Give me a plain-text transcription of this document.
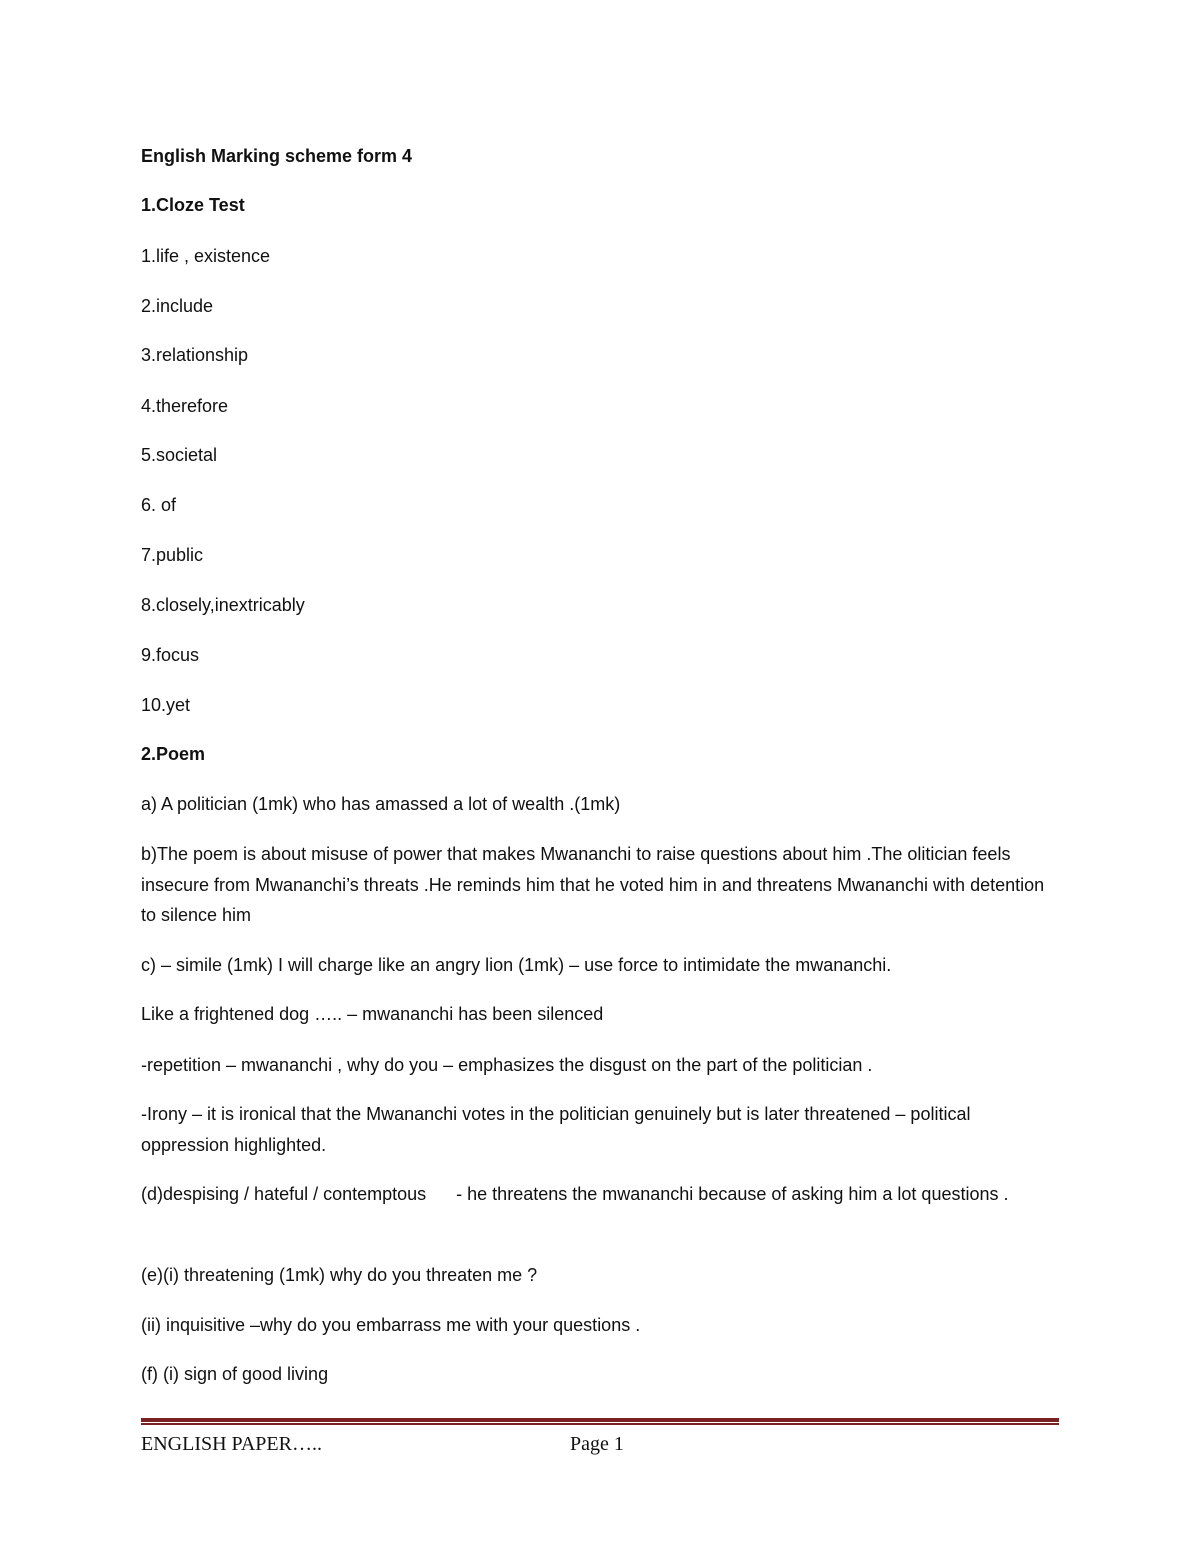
English Marking scheme form 4

1.Cloze Test

1.life , existence

2.include

3.relationship

4.therefore

5.societal

6. of

7.public

8.closely,inextricably

9.focus

10.yet

2.Poem

a) A politician (1mk) who has amassed a lot of wealth .(1mk)

b)The poem is about misuse of power that makes Mwananchi to raise questions about him .The olitician feels insecure from Mwananchi’s threats .He reminds him that he voted him in and threatens Mwananchi with detention to silence him

c) – simile (1mk) I will charge like an angry lion (1mk) – use force to intimidate the mwananchi.

Like a frightened dog ….. – mwananchi has been silenced

-repetition – mwananchi , why do you – emphasizes the disgust on the part of the politician .

-Irony – it is ironical that the Mwananchi votes in the politician genuinely but is later threatened – political oppression highlighted.

(d)despising / hateful / contemptous      - he threatens the mwananchi because of asking him a lot questions .

(e)(i) threatening (1mk) why do you threaten me ?

(ii) inquisitive –why do you embarrass me with your questions .

(f) (i) sign of good living

ENGLISH PAPER…..	Page 1
